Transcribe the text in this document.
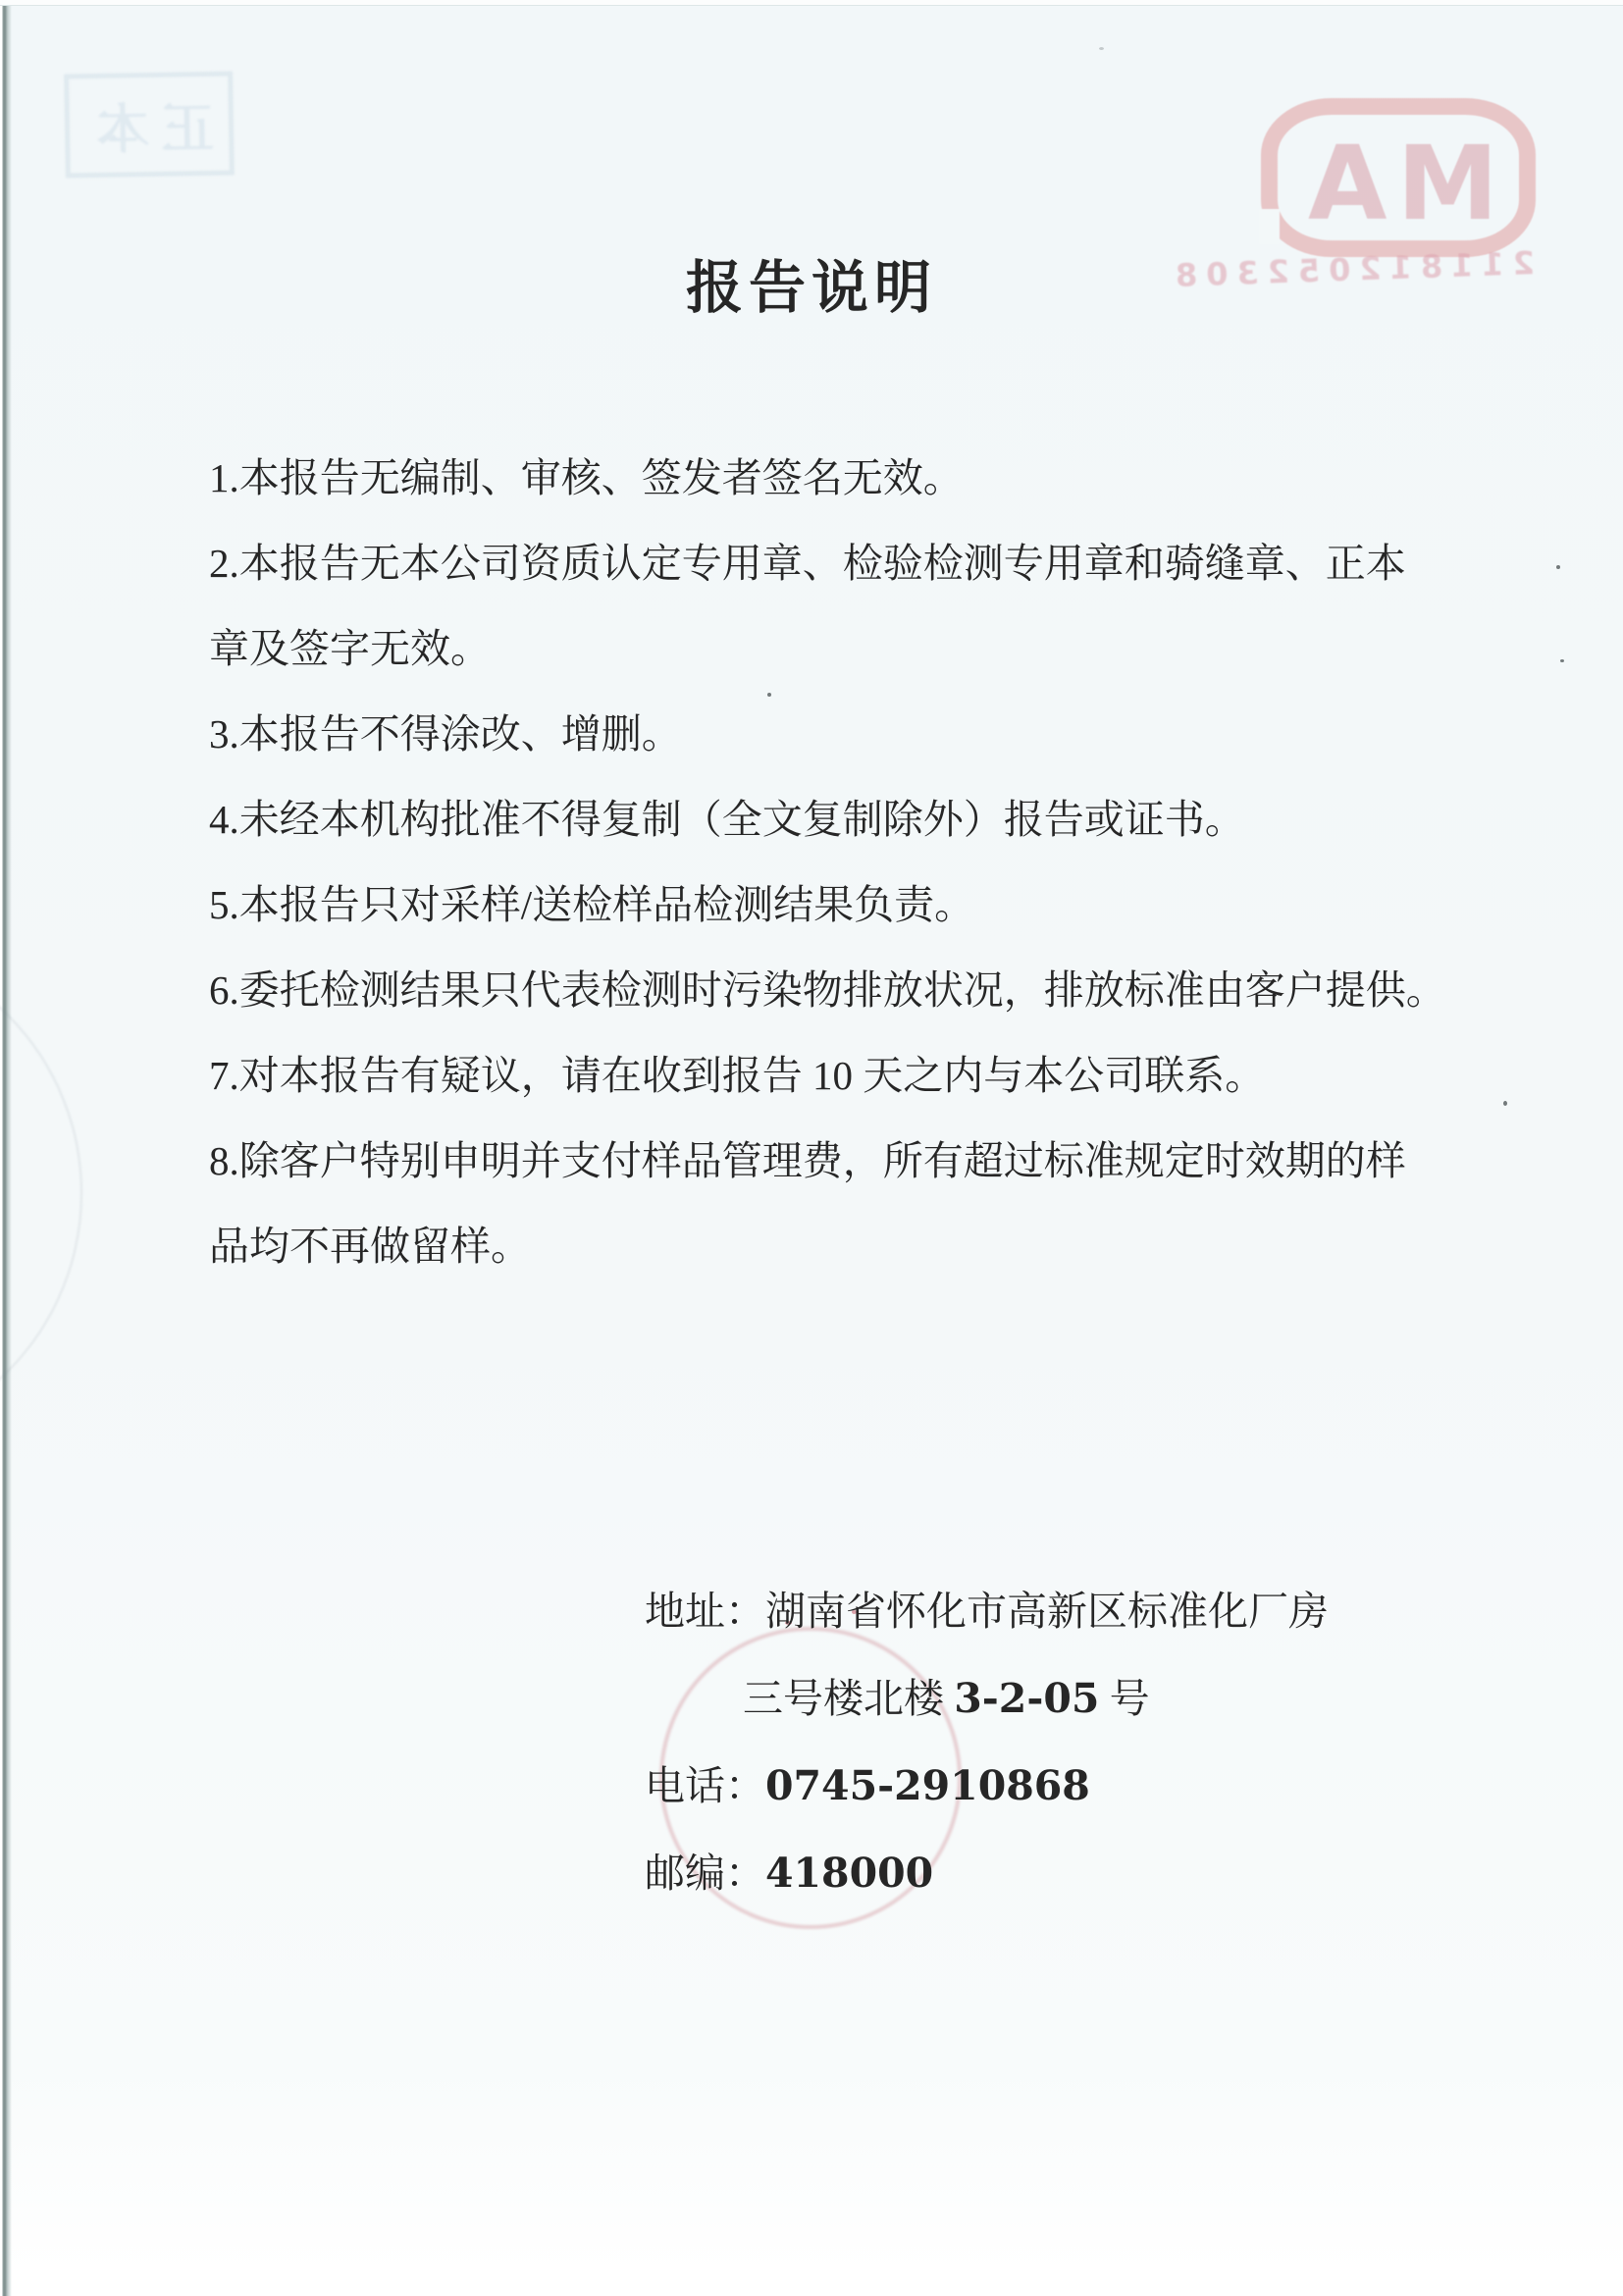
正本	MA
211812052308
报告说明
1.本报告无编制、审核、签发者签名无效。
2.本报告无本公司资质认定专用章、检验检测专用章和骑缝章、正本
章及签字无效。
3.本报告不得涂改、增删。
4.未经本机构批准不得复制（全文复制除外）报告或证书。
5.本报告只对采样/送检样品检测结果负责。
6.委托检测结果只代表检测时污染物排放状况，排放标准由客户提供。
7.对本报告有疑议，请在收到报告 10 天之内与本公司联系。
8.除客户特别申明并支付样品管理费，所有超过标准规定时效期的样
品均不再做留样。
地址：湖南省怀化市高新区标准化厂房
三号楼北楼 3-2-05 号
电话：0745-2910868
邮编：418000
